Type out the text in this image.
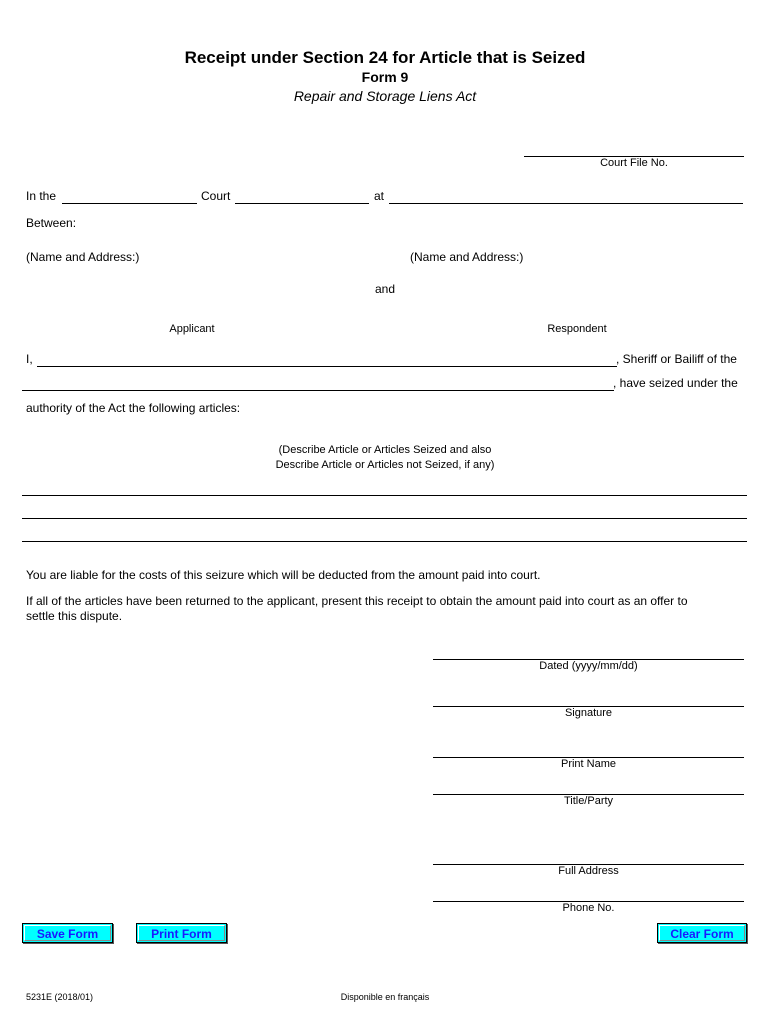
Receipt under Section 24 for Article that is Seized
Form 9
Repair and Storage Liens Act
Court File No.
In the	Court	at
Between:
(Name and Address:)	(Name and Address:)
and
Applicant	Respondent
I,	, Sheriff or Bailiff of the
, have seized under the
authority of the Act the following articles:
(Describe Article or Articles Seized and also
Describe Article or Articles not Seized, if any)
You are liable for the costs of this seizure which will be deducted from the amount paid into court.
If all of the articles have been returned to the applicant, present this receipt to obtain the amount paid into court as an offer to
settle this dispute.
Dated (yyyy/mm/dd)
Signature
Print Name
Title/Party
Full Address
Phone No.
Save Form	Print Form	Clear Form
5231E (2018/01)	Disponible en français
